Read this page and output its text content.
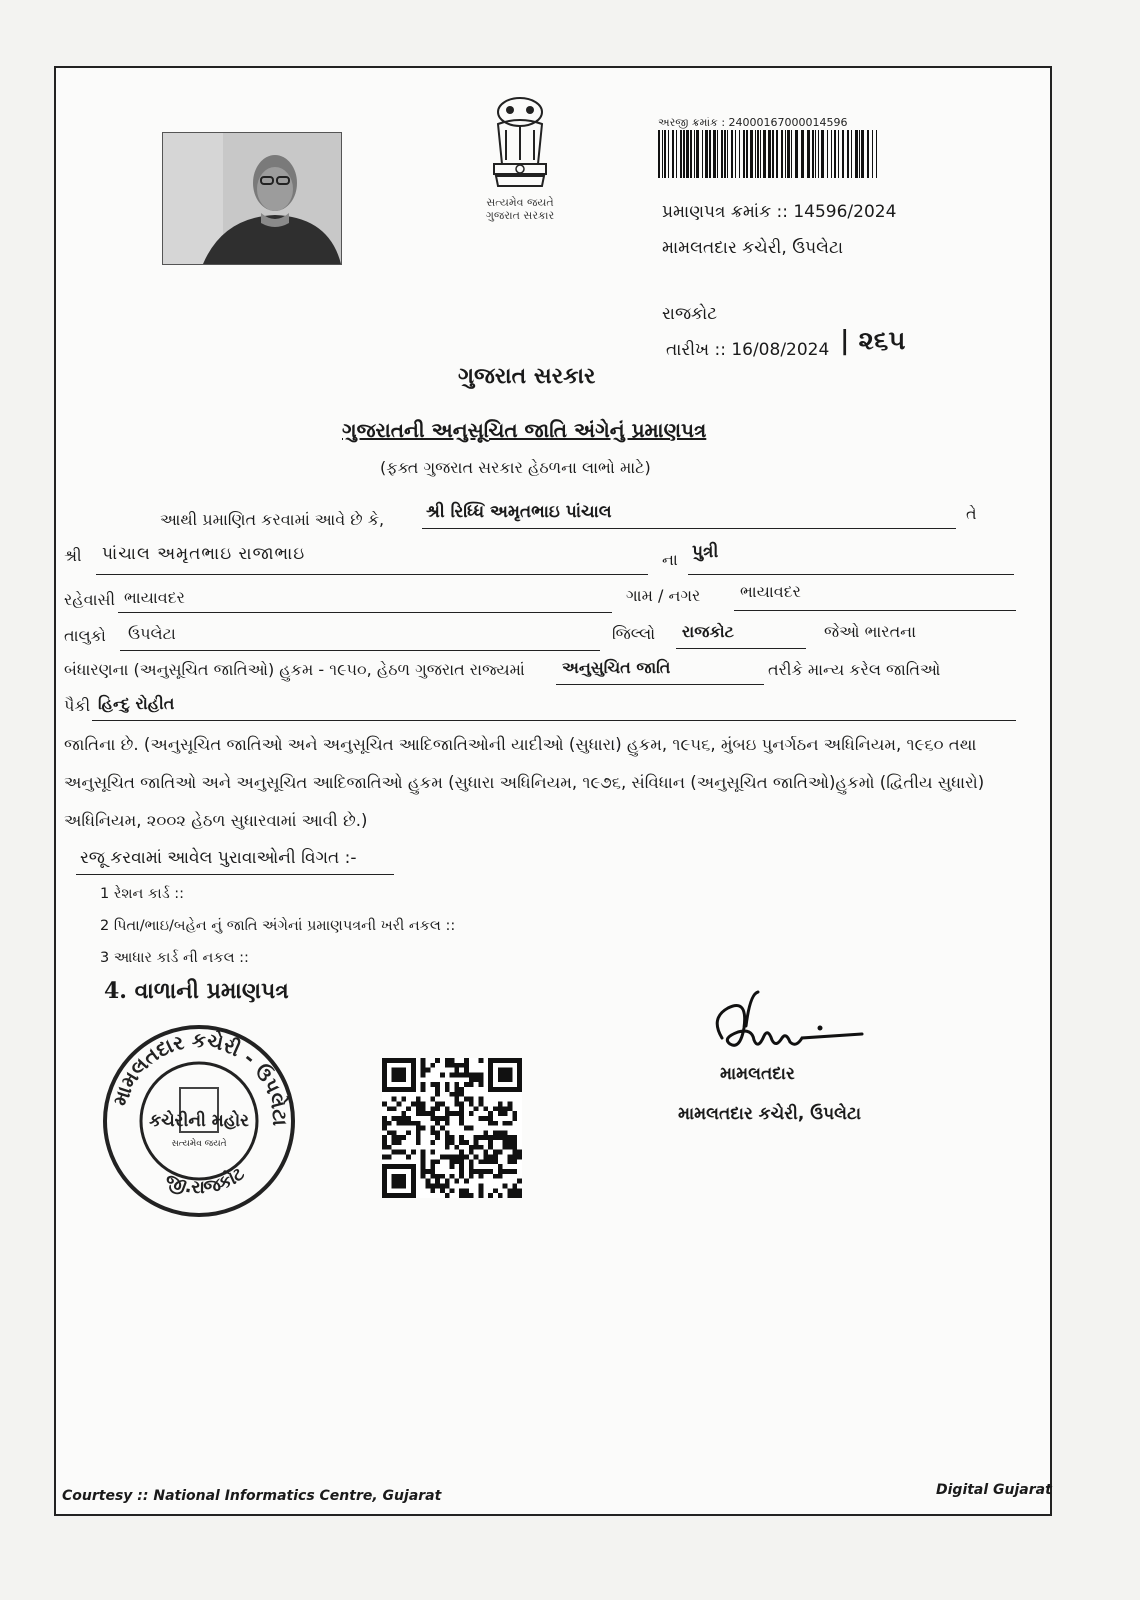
સત્યમેવ જયતે
ગુજરાત સરકાર
અરજી ક્રમાંક : 24000167000014596
પ્રમાણપત્ર ક્રમાંક :: 14596/2024
મામલતદાર કચેરી, ઉપલેટા
રાજકોટ
તારીખ :: 16/08/2024 | ૨૬૫
ગુજરાત સરકાર
ગુજરાતની અનુસૂચિત જાતિ અંગેનું પ્રમાણપત્ર
(ફક્ત ગુજરાત સરકાર હેઠળના લાભો માટે)
આથી પ્રમાણિત કરવામાં આવે છે કે, શ્રી રિધ્ધિ અમૃતભાઇ પાંચાલ	તે
શ્રી પાંચાલ અમૃતભાઇ રાજાભાઇ	ના પુત્રી
રહેવાસી ભાયાવદર	ગામ / નગર ભાયાવદર
તાલુકો ઉપલેટા	જિલ્લો રાજકોટ	જેઓ ભારતના
બંધારણના (અનુસૂચિત જાતિઓ) હુકમ - ૧૯૫૦, હેઠળ ગુજરાત રાજ્યમાં અનુસુચિત જાતિ	તરીકે માન્ય કરેલ જાતિઓ
પૈકી હિન્દુ રોહીત
જાતિના છે. (અનુસૂચિત જાતિઓ અને અનુસૂચિત આદિજાતિઓની યાદીઓ (સુધારા) હુકમ, ૧૯૫૬, મુંબઇ પુનર્ગઠન અધિનિયમ, ૧૯૬૦ તથા અનુસૂચિત જાતિઓ અને અનુસૂચિત આદિજાતિઓ હુકમ (સુધારા અધિનિયમ, ૧૯૭૬, સંવિધાન (અનુસૂચિત જાતિઓ)હુકમો (દ્વિતીય સુધારો) અધિનિયમ, ૨૦૦૨ હેઠળ સુધારવામાં આવી છે.)
રજૂ કરવામાં આવેલ પુરાવાઓની વિગત :-
1 રેશન કાર્ડ ::
2 પિતા/ભાઇ/બહેન નું જાતિ અંગેનાં પ્રમાણપત્રની ખરી નકલ ::
3 આધાર કાર્ડ ની નકલ ::
4. વાળાની પ્રમાણપત્ર
મામલતદાર કચેરી - ઉપલેટા
જી.રાજકોટ
કચેરીની મહોર
સત્યમેવ જયતે
મામલતદાર
મામલતદાર કચેરી, ઉપલેટા
Courtesy :: National Informatics Centre, Gujarat	Digital Gujarat
